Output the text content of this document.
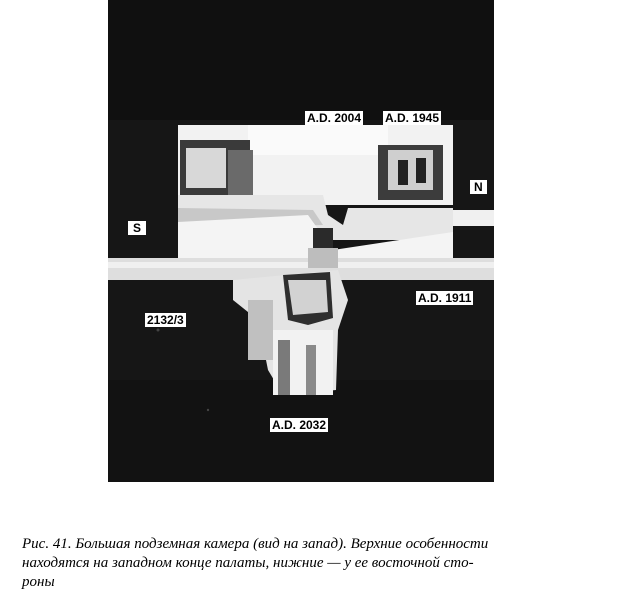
A.D. 2004 A.D. 1945
N
S
A.D. 1911
2132/3
A.D. 2032
Рис. 41. Большая подземная камера (вид на запад). Верхние особенности
находятся на западном конце палаты, нижние — у ее восточной сто-
роны
